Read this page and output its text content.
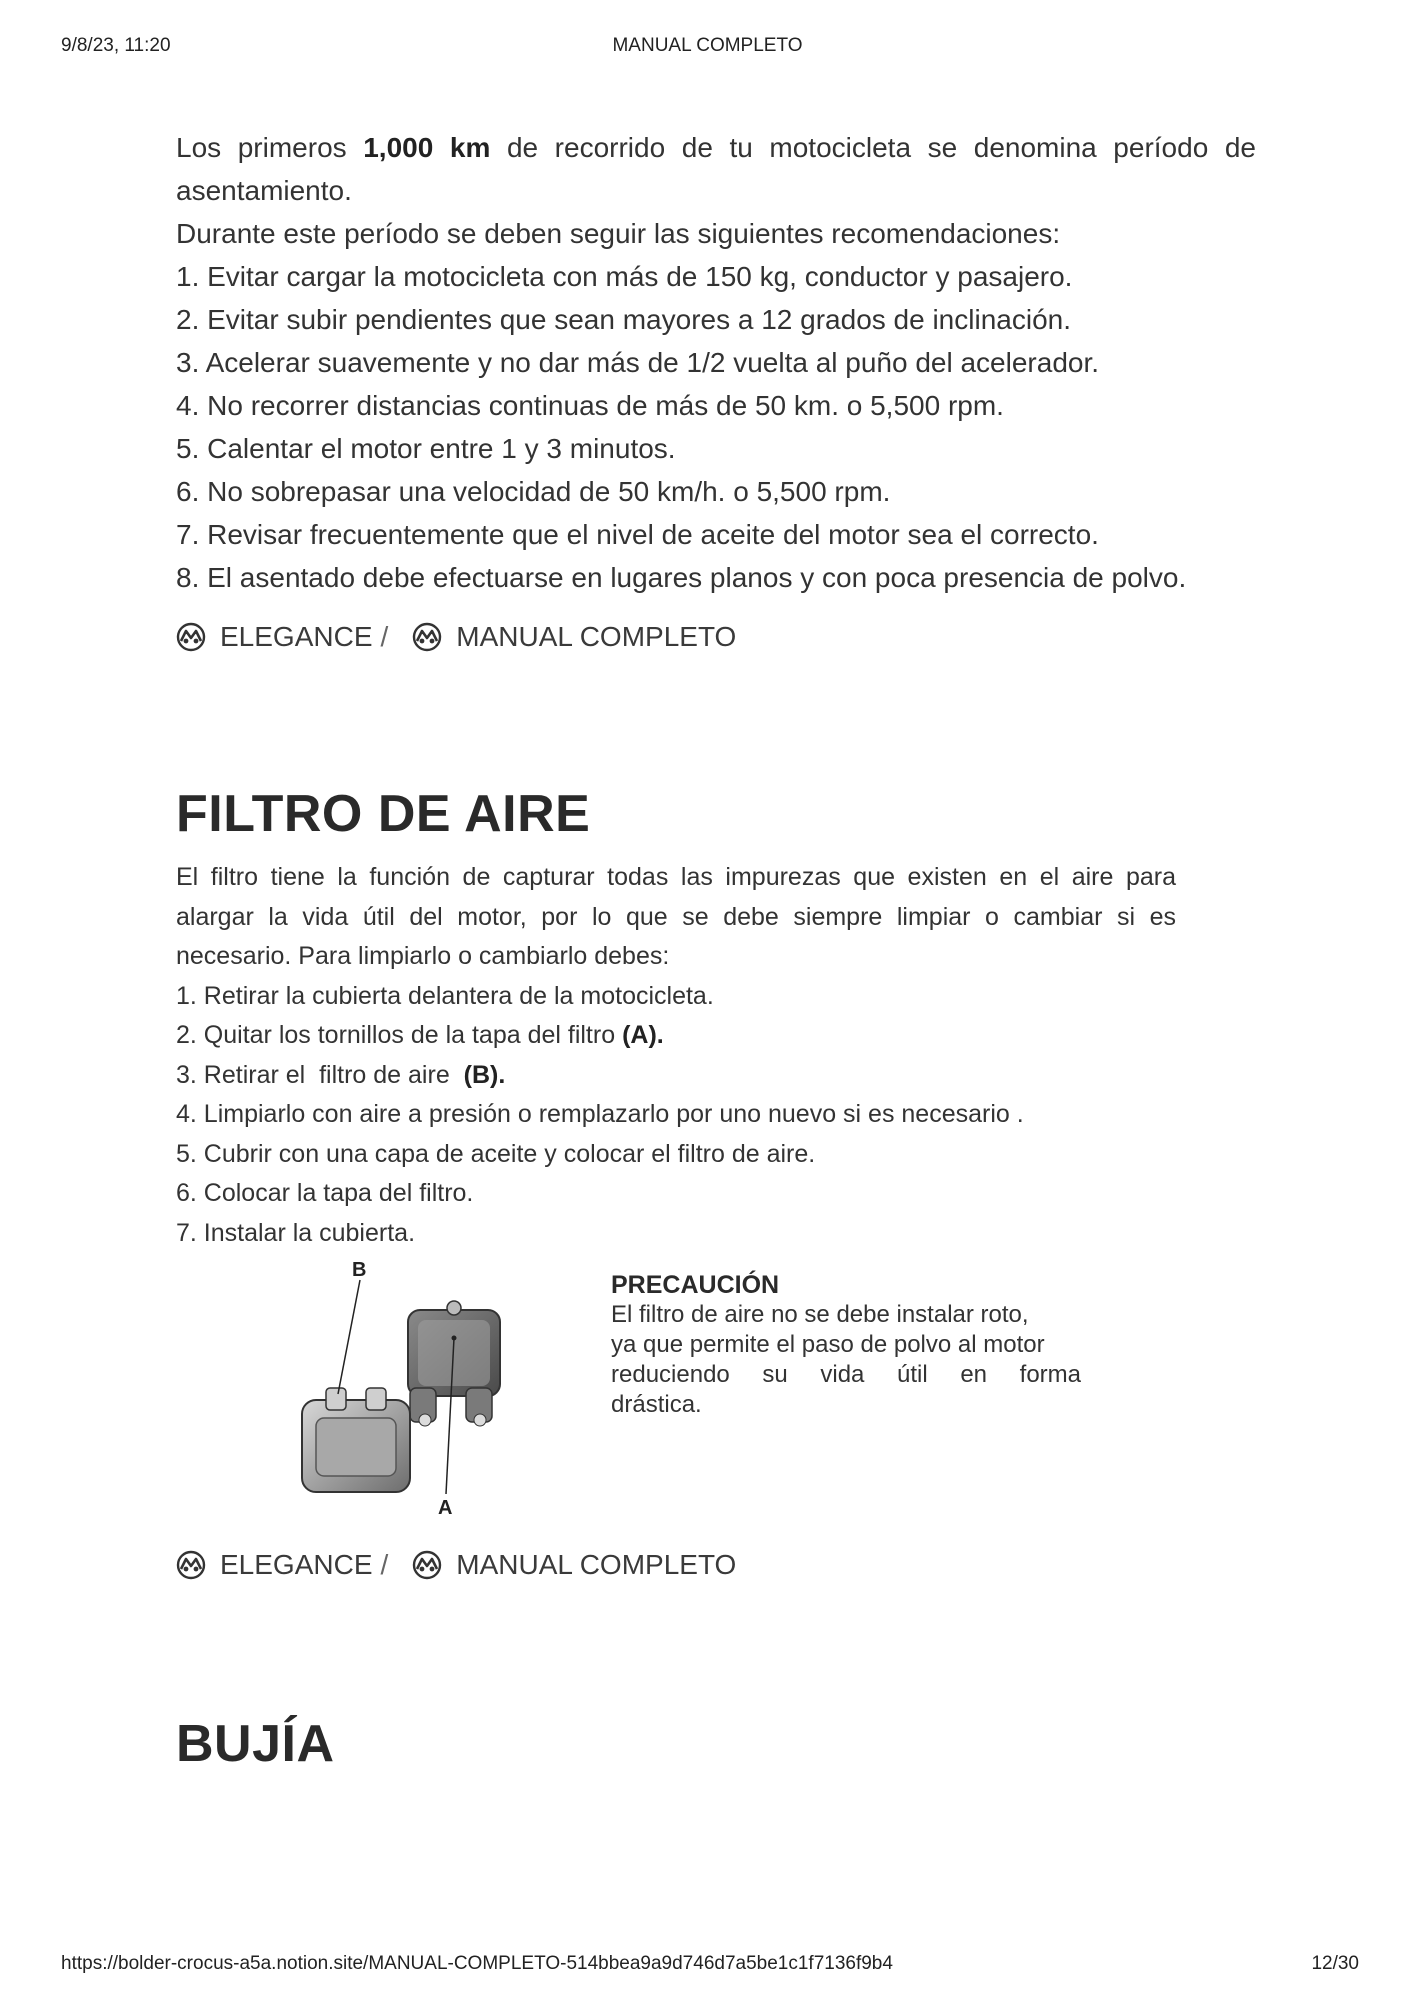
9/8/23, 11:20	MANUAL COMPLETO
Los primeros 1,000 km de recorrido de tu motocicleta se denomina período de
asentamiento.
Durante este período se deben seguir las siguientes recomendaciones:
1. Evitar cargar la motocicleta con más de 150 kg, conductor y pasajero.
2. Evitar subir pendientes que sean mayores a 12 grados de inclinación.
3. Acelerar suavemente y no dar más de 1/2 vuelta al puño del acelerador.
4. No recorrer distancias continuas de más de 50 km. o 5,500 rpm.
5. Calentar el motor entre 1 y 3 minutos.
6. No sobrepasar una velocidad de 50 km/h. o 5,500 rpm.
7. Revisar frecuentemente que el nivel de aceite del motor sea el correcto.
8. El asentado debe efectuarse en lugares planos y con poca presencia de polvo.
ELEGANCE / MANUAL COMPLETO
FILTRO DE AIRE
El filtro tiene la función de capturar todas las impurezas que existen en el aire para
alargar la vida útil del motor, por lo que se debe siempre limpiar o cambiar si es
necesario. Para limpiarlo o cambiarlo debes:
1. Retirar la cubierta delantera de la motocicleta.
2. Quitar los tornillos de la tapa del filtro (A).
3. Retirar el  filtro de aire  (B).
4. Limpiarlo con aire a presión o remplazarlo por uno nuevo si es necesario .
5. Cubrir con una capa de aceite y colocar el filtro de aire.
6. Colocar la tapa del filtro.
7. Instalar la cubierta.
B
A
PRECAUCIÓN
El filtro de aire no se debe instalar roto,
ya que permite el paso de polvo al motor
reduciendo su vida útil en forma
drástica.
ELEGANCE / MANUAL COMPLETO
BUJÍA
https://bolder-crocus-a5a.notion.site/MANUAL-COMPLETO-514bbea9a9d746d7a5be1c1f7136f9b4	12/30
